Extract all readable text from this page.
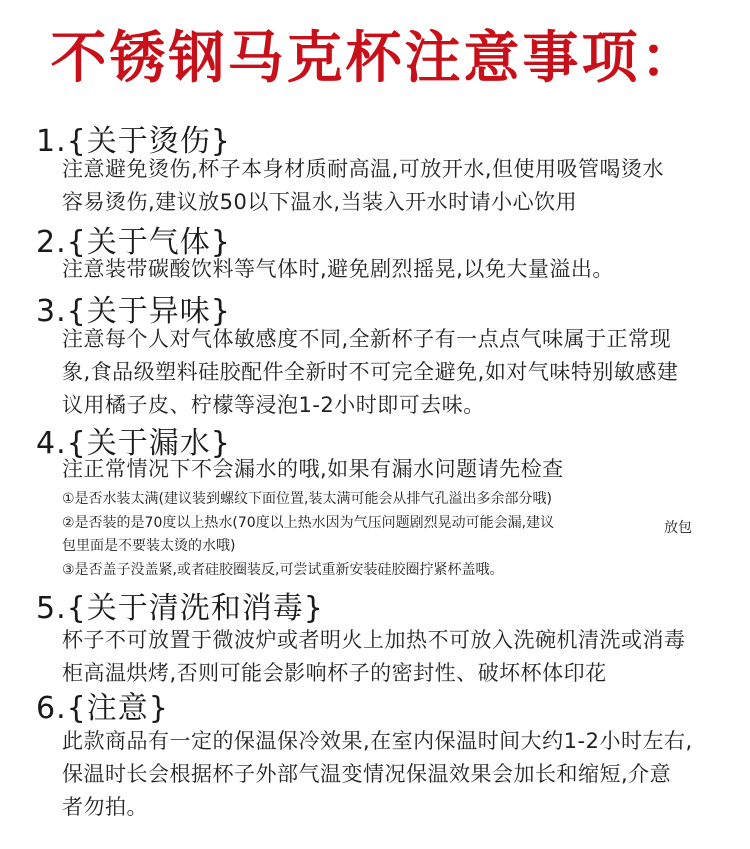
不锈钢马克杯注意事项：
1.{关于烫伤}
注意避免烫伤,杯子本身材质耐高温,可放开水,但使用吸管喝烫水
容易烫伤,建议放50以下温水,当装入开水时请小心饮用
2.{关于气体}
注意装带碳酸饮料等气体时,避免剧烈摇晃,以免大量溢出。
3.{关于异味}
注意每个人对气体敏感度不同,全新杯子有一点点气味属于正常现
象,食品级塑料硅胶配件全新时不可完全避免,如对气味特别敏感建
议用橘子皮、柠檬等浸泡1-2小时即可去味。
4.{关于漏水}
注正常情况下不会漏水的哦,如果有漏水问题请先检查
①是否水装太满(建议装到螺纹下面位置,装太满可能会从排气孔溢出多余部分哦)
②是否装的是70度以上热水(70度以上热水因为气压问题剧烈晃动可能会漏,建议	放包
包里面是不要装太烫的水哦)
③是否盖子没盖紧,或者硅胶圈装反,可尝试重新安装硅胶圈拧紧杯盖哦。
5.{关于清洗和消毒}
杯子不可放置于微波炉或者明火上加热不可放入洗碗机清洗或消毒
柜高温烘烤,否则可能会影响杯子的密封性、破坏杯体印花
6.{注意}
此款商品有一定的保温保冷效果,在室内保温时间大约1-2小时左右,
保温时长会根据杯子外部气温变情况保温效果会加长和缩短,介意
者勿拍。
